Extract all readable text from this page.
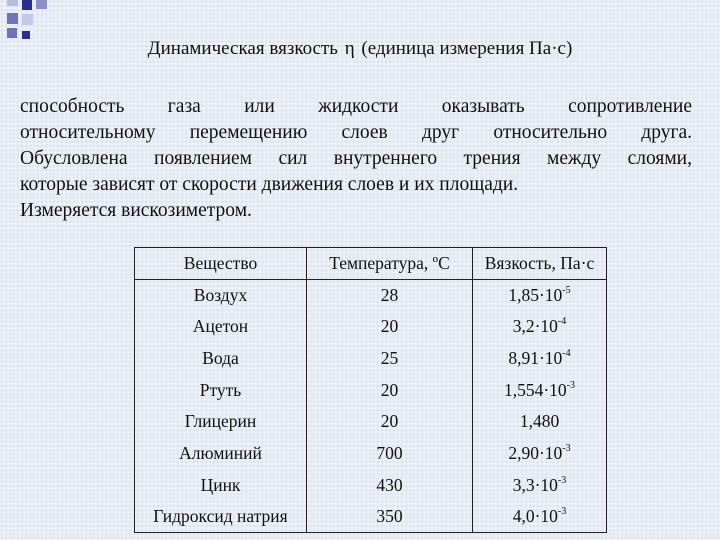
Динамическая вязкость η (единица измерения Па·с)
способность газа или жидкости оказывать сопротивление
относительному перемещению слоев друг относительно друга.
Обусловлена появлением сил внутреннего трения между слоями,
которые зависят от скорости движения слоев и их площади.
Измеряется вискозиметром.
Вещество	Температура, ºС	Вязкость, Па·с
Воздух	28	$1,85\cdot 10^{-5}$
Ацетон	20	$3,2\cdot 10^{-4}$
Вода	25	$8,91\cdot 10^{-4}$
Ртуть	20	$1,554\cdot 10^{-3}$
Глицерин	20	1,480
Алюминий	700	$2,90\cdot 10^{-3}$
Цинк	430	$3,3\cdot 10^{-3}$
Гидроксид натрия	350	$4,0\cdot 10^{-3}$
